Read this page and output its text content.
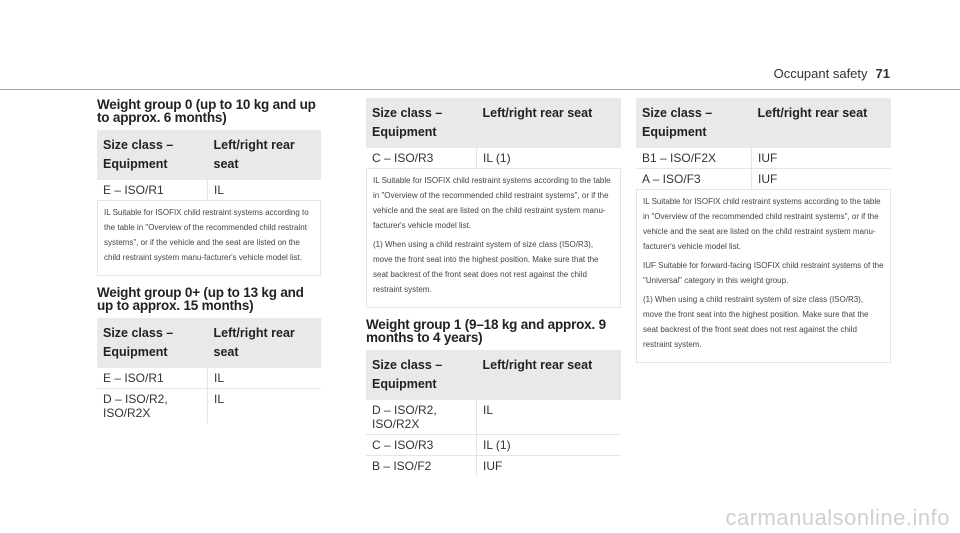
Occupant safety 71
Weight group 0 (up to 10 kg and up to approx. 6 months)
Size class – Equipment	Left/right rear seat
E – ISO/R1	IL

IL Suitable for ISOFIX child restraint systems according to the table in "Overview of the recommended child restraint systems", or if the vehicle and the seat are listed on the child restraint system manu-facturer's vehicle model list.

Weight group 0+ (up to 13 kg and up to approx. 15 months)
Size class – Equipment	Left/right rear seat
E – ISO/R1	IL
D – ISO/R2, ISO/R2X	IL
Size class – Equipment	Left/right rear seat
C – ISO/R3	IL (1)

IL Suitable for ISOFIX child restraint systems according to the table in "Overview of the recommended child restraint systems", or if the vehicle and the seat are listed on the child restraint system manu-facturer's vehicle model list.

(1) When using a child restraint system of size class (ISO/R3), move the front seat into the highest position. Make sure that the seat backrest of the front seat does not rest against the child restraint system.

Weight group 1 (9–18 kg and approx. 9 months to 4 years)
Size class – Equipment	Left/right rear seat
D – ISO/R2, ISO/R2X	IL
C – ISO/R3	IL (1)
B – ISO/F2	IUF
Size class – Equipment	Left/right rear seat
B1 – ISO/F2X	IUF
A – ISO/F3	IUF

IL Suitable for ISOFIX child restraint systems according to the table in "Overview of the recommended child restraint systems", or if the vehicle and the seat are listed on the child restraint system manu-facturer's vehicle model list.

IUF Suitable for forward-facing ISOFIX child restraint systems of the "Universal" category in this weight group.

(1) When using a child restraint system of size class (ISO/R3), move the front seat into the highest position. Make sure that the seat backrest of the front seat does not rest against the child restraint system.

carmanualsonline.info
